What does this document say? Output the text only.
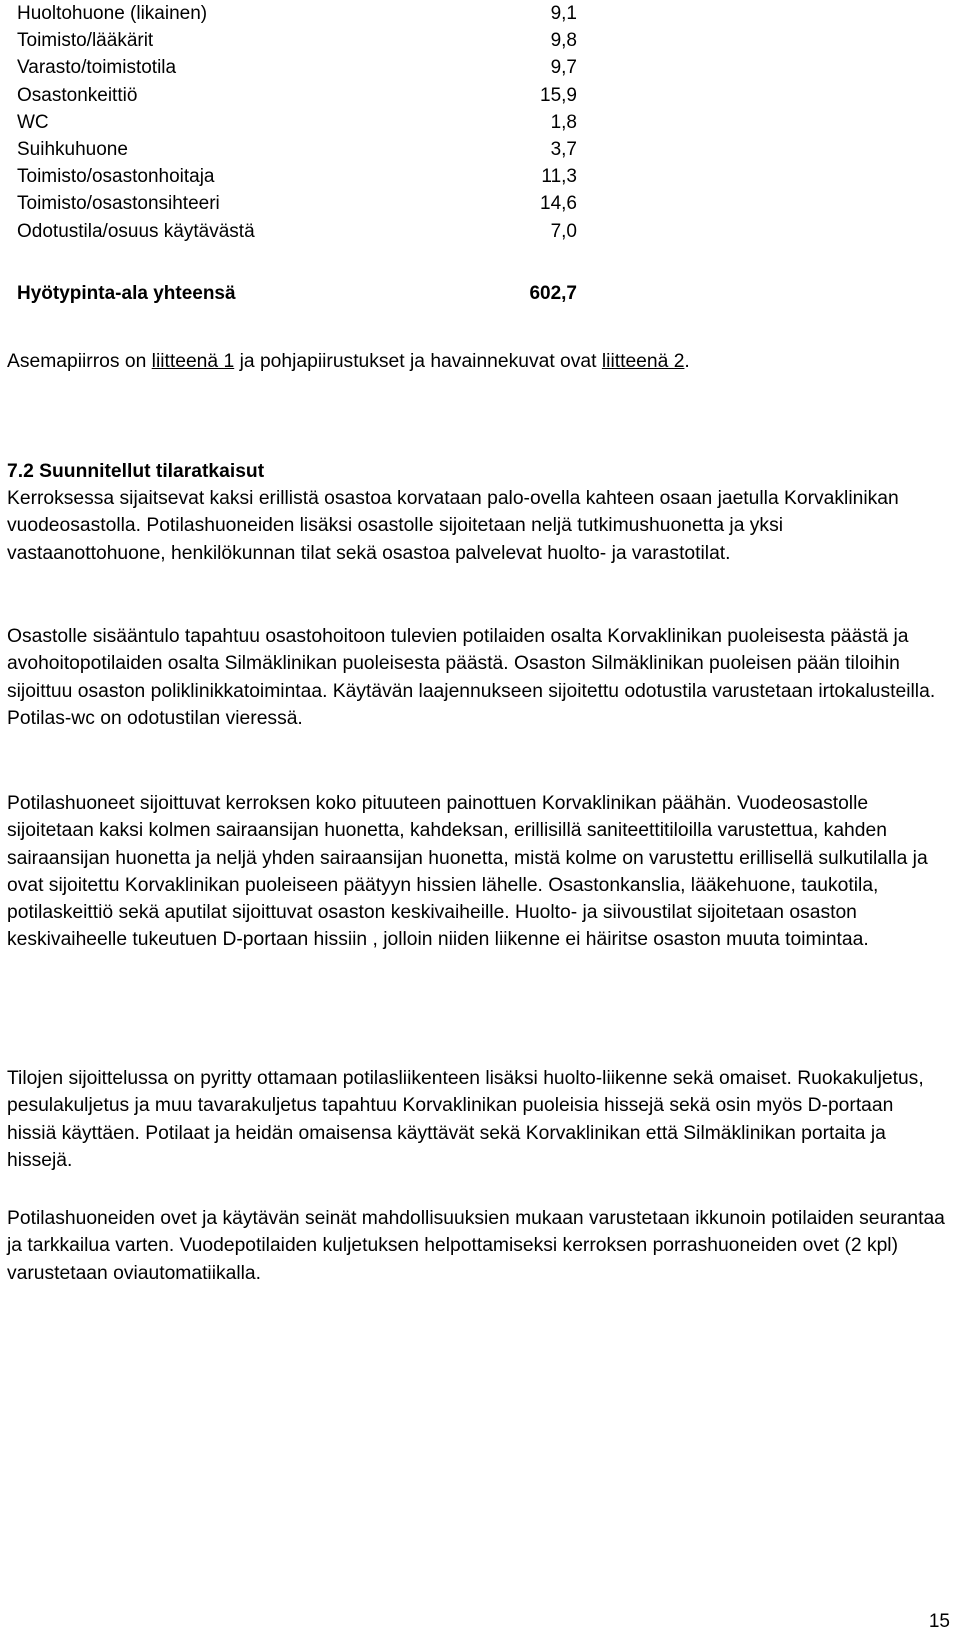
Huoltohuone (likainen)	9,1
Toimisto/lääkärit	9,8
Varasto/toimistotila	9,7
Osastonkeittiö	15,9
WC	1,8
Suihkuhuone	3,7
Toimisto/osastonhoitaja	11,3
Toimisto/osastonsihteeri	14,6
Odotustila/osuus käytävästä	7,0
Hyötypinta-ala yhteensä	602,7
Asemapiirros on liitteenä 1 ja pohjapiirustukset ja havainnekuvat ovat liitteenä 2.
7.2 Suunnitellut tilaratkaisut
Kerroksessa sijaitsevat kaksi erillistä osastoa korvataan palo-ovella kahteen osaan jaetulla Korvaklinikan vuodeosastolla. Potilashuoneiden lisäksi osastolle sijoitetaan neljä tutkimushuonetta ja yksi vastaanottohuone, henkilökunnan tilat sekä osastoa palvelevat huolto- ja varastotilat.
Osastolle sisääntulo tapahtuu osastohoitoon tulevien potilaiden osalta Korvaklinikan puoleisesta päästä ja avohoitopotilaiden osalta Silmäklinikan puoleisesta päästä. Osaston Silmäklinikan puoleisen pään tiloihin sijoittuu osaston poliklinikkatoimintaa. Käytävän laajennukseen sijoitettu odotustila varustetaan irtokalusteilla. Potilas-wc on odotustilan vieressä.
Potilashuoneet sijoittuvat kerroksen koko pituuteen painottuen Korvaklinikan päähän. Vuodeosastolle sijoitetaan kaksi kolmen sairaansijan huonetta, kahdeksan, erillisillä saniteettitiloilla varustettua, kahden sairaansijan huonetta ja neljä yhden sairaansijan huonetta, mistä kolme on varustettu erillisellä sulkutilalla ja ovat sijoitettu Korvaklinikan puoleiseen päätyyn hissien lähelle. Osastonkanslia, lääkehuone, taukotila, potilaskeittiö sekä aputilat sijoittuvat osaston keskivaiheille. Huolto- ja siivoustilat sijoitetaan osaston keskivaiheelle tukeutuen D-portaan hissiin , jolloin niiden liikenne ei häiritse osaston muuta toimintaa.
Tilojen sijoittelussa on pyritty ottamaan potilasliikenteen lisäksi huolto-liikenne sekä omaiset. Ruokakuljetus, pesulakuljetus ja muu tavarakuljetus tapahtuu Korvaklinikan puoleisia hissejä sekä osin myös D-portaan hissiä käyttäen. Potilaat ja heidän omaisensa käyttävät sekä Korvaklinikan että Silmäklinikan portaita ja hissejä.
Potilashuoneiden ovet ja käytävän seinät mahdollisuuksien mukaan varustetaan ikkunoin potilaiden seurantaa ja tarkkailua varten. Vuodepotilaiden kuljetuksen helpottamiseksi kerroksen porrashuoneiden ovet (2 kpl) varustetaan oviautomatiikalla.
15
